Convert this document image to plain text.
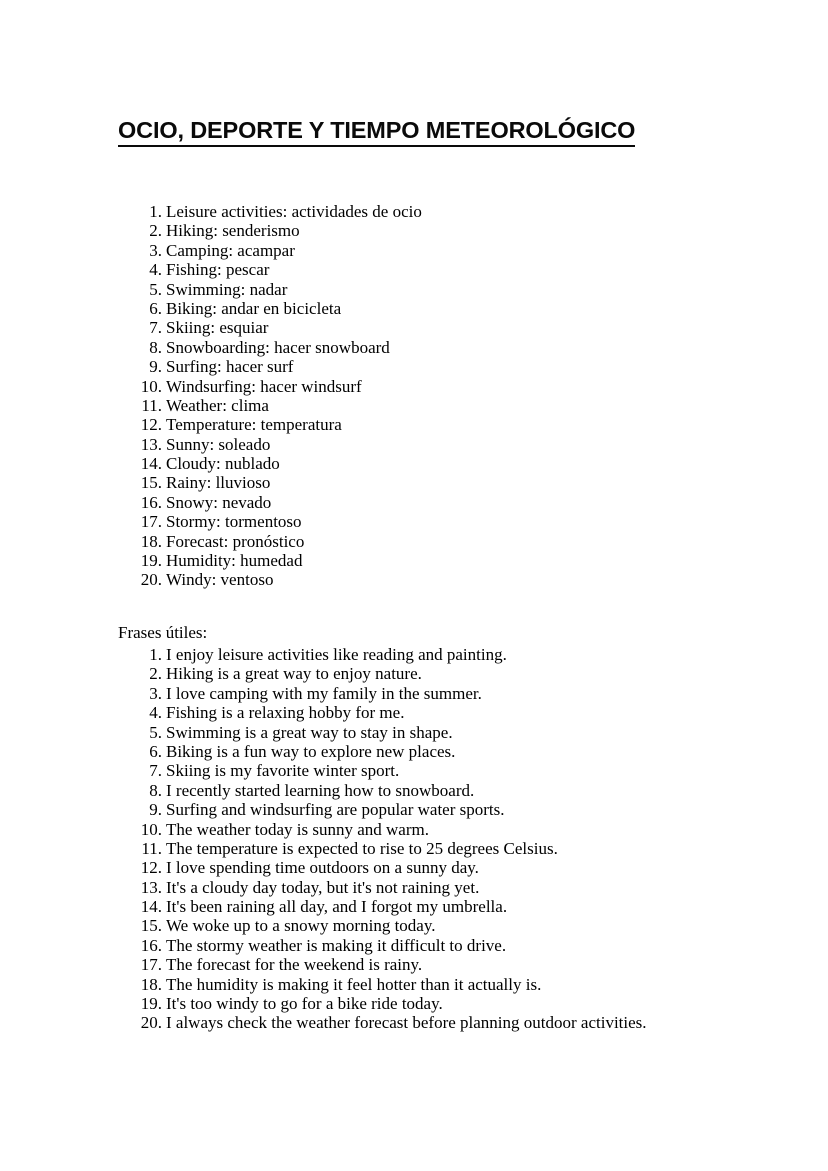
OCIO, DEPORTE Y TIEMPO METEOROLÓGICO
1. Leisure activities: actividades de ocio
2. Hiking: senderismo
3. Camping: acampar
4. Fishing: pescar
5. Swimming: nadar
6. Biking: andar en bicicleta
7. Skiing: esquiar
8. Snowboarding: hacer snowboard
9. Surfing: hacer surf
10. Windsurfing: hacer windsurf
11. Weather: clima
12. Temperature: temperatura
13. Sunny: soleado
14. Cloudy: nublado
15. Rainy: lluvioso
16. Snowy: nevado
17. Stormy: tormentoso
18. Forecast: pronóstico
19. Humidity: humedad
20. Windy: ventoso

Frases útiles:

1. I enjoy leisure activities like reading and painting.
2. Hiking is a great way to enjoy nature.
3. I love camping with my family in the summer.
4. Fishing is a relaxing hobby for me.
5. Swimming is a great way to stay in shape.
6. Biking is a fun way to explore new places.
7. Skiing is my favorite winter sport.
8. I recently started learning how to snowboard.
9. Surfing and windsurfing are popular water sports.
10. The weather today is sunny and warm.
11. The temperature is expected to rise to 25 degrees Celsius.
12. I love spending time outdoors on a sunny day.
13. It's a cloudy day today, but it's not raining yet.
14. It's been raining all day, and I forgot my umbrella.
15. We woke up to a snowy morning today.
16. The stormy weather is making it difficult to drive.
17. The forecast for the weekend is rainy.
18. The humidity is making it feel hotter than it actually is.
19. It's too windy to go for a bike ride today.
20. I always check the weather forecast before planning outdoor activities.
